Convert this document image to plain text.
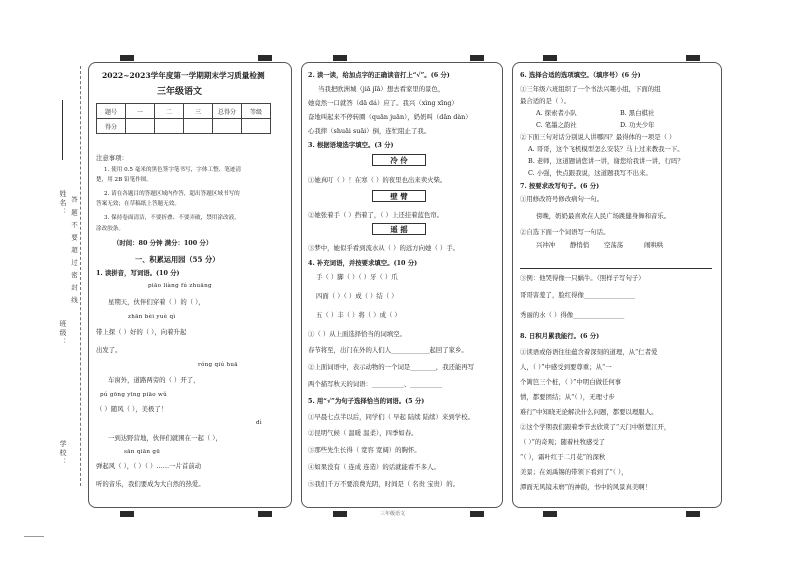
姓名： 答 题 不 要 超 过 密 封 线
班级：
学校：
2022~2023学年度第一学期期末学习质量检测
三年级语文
题号	一	二	三	总得分	等级
得分					
注意事项：
1. 使用 0.5 毫米的黑色签字笔书写，字体工整、笔迹清
楚，用 2B 铅笔作图。
2. 请在各题目的答题区域内作答，超出答题区域书写的
答案无效；在草稿纸上答题无效。
3. 保持卷面清洁，不要折叠、不要弄破，禁用涂改液、
涂改胶条。
（时间：80 分钟 满分：100 分）
一、积累运用园（55 分）
1. 读拼音，写词语。(10 分)
piāo liàng fú zhuāng
星期天，伙伴们穿着（ ）的（ ），
zhān bèi yuè qì
带上探（ ）好的（ ），向着升起
出发了。
róng qiú huā
车窗外，道路两旁的（ ）开了，
pú gōng yīng piāo wǔ
（ ）随风（ ），美极了！
dì
一到达野营地，伙伴们就围在一起（ ），
sān qiān gū
弹起风（ ），（ ）（ ）……一片首前动
听的音乐，我们要成为大自然的热爱。
2. 读一读，给加点字的正确读音打上“√”。(6 分)
当我把欧洲城（jiā jǐā）想去看家里的景色，
她竟然一口就答（dā dá）应了。我兴（xìng xīng）
奋地叫起来不停转圈（quān juān），奶奶叫（dān dàn）
心我摔（shuāi suāi）倒，连忙阻止了我。
3. 根据语境选字填空。(3 分)
冷 伶
①她真叮（ ）！在寒（ ）的夜里也出来卖火柴。
壁 臂
②她张着手（ ）挡着了，（ ）上还挂着蓝色帘。
遥 摇
③梦中，她似乎看到流水从（ ）的远方向她（ ）手。
4. 补充词语，并按要求填空。(10 分)
手（ ）脚（ ）（ ）牙（ ）爪
四面（ ）（ ）成（ ）结（ ）
五（ ）丰（ ）将（ ）成（ ）
①（ ）从上面选择恰当的词填空。
春节将至，出门在外的人们人____________起回了家乡。
②上面词语中，表示动物的一个词是________，我还能再写
两个描写秋天的词语：__________、__________
5. 用“√”为句子选择恰当的词语。(5 分)
①早晨七点半以后，同学们（ 早起 陆续 陆续）来到学校。
②昆明气候（ 温暖 温柔），四季如春。
③那些先生长得（ 宽容 宽阔）的胸怀。
④如果没有（ 连成 连造）的话就能看不多人。
⑤我们千万不要浪费光阴，时间是（ 名贵 宝贵）的。
6. 选择合适的选项填空。（填序号）(6 分)
①三年级六班组织了一个书法兴趣小组，下面的组
最合适的是（ ）。
A. 探索者小队	B. 黑白棋社
C. 笔墨之韵社	D. 功夫少年
②下面三句对话分别说人讲哪四？最得体的一项是（ ）
A. 哥哥，这个飞机模型怎么安装？马上过来教我一下。
B. 老师，这道题请您讲一讲，谢您给我讲一讲，行吗？
C. 小强，快点跟我说，这道题我写不出来。
7. 按要求改写句子。(6 分)
①用修改符号修改病句一句。
傍晚，奶奶最喜欢在人民广场跳健身舞和音乐。
②自选下面一个词语写一句话。
兴冲冲 静悄悄 空荡荡	闹哄哄
③例：他哭得像一只蜗牛。（照样子写句子）
哥哥害羞了，脸红得像________________
秀丽的水（ ）得像________________
8. 日积月累我能行。(6 分)
①读语或俗语往往蕴含着深刻的道理，从“仁者爱
人，（ ）”中感受到要尊重；从“一
个篱笆三个桩，（ ）”中明白做任何事
情，都要团结；从“（ ），无理寸步
难行”中知晓无论解决什么问题，都要以理服人。
②这个学期我们跟着季节去欣赏了“天门中断楚江开，
（ ）”的奇观；随着杜牧感受了
“（ ），霜叶红于二月花”的深秋
美景；在刘禹锡的带领下看到了“（ ），
潭面无风镜未磨”的神韵，书中的风景真美啊！
三年级语文
